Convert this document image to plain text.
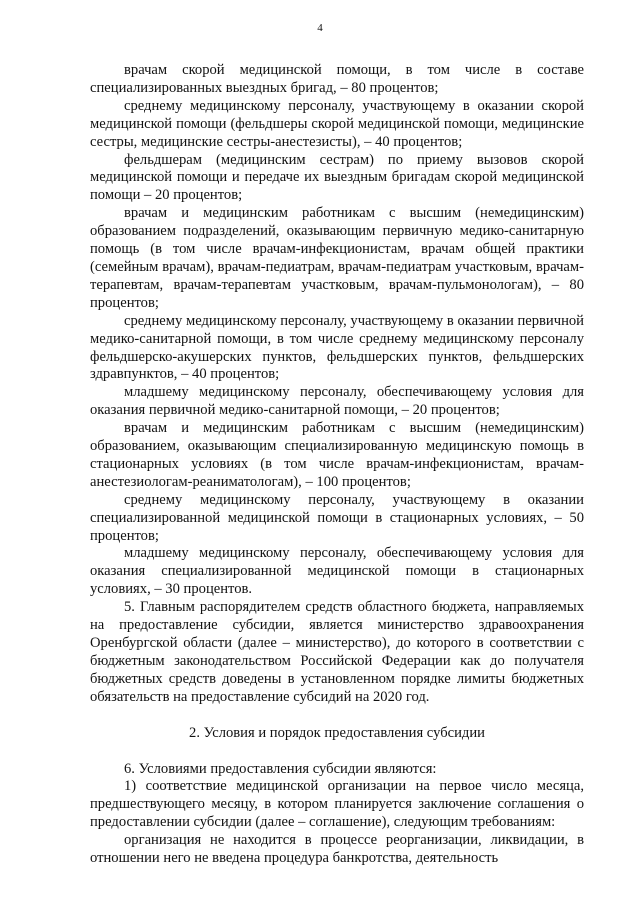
4

врачам скорой медицинской помощи, в том числе в составе специализированных выездных бригад, – 80 процентов;

среднему медицинскому персоналу, участвующему в оказании скорой медицинской помощи (фельдшеры скорой медицинской помощи, медицинские сестры, медицинские сестры-анестезисты), – 40 процентов;

фельдшерам (медицинским сестрам) по приему вызовов скорой медицинской помощи и передаче их выездным бригадам скорой медицинской помощи – 20 процентов;

врачам и медицинским работникам с высшим (немедицинским) образованием подразделений, оказывающим первичную медико-санитарную помощь (в том числе врачам-инфекционистам, врачам общей практики (семейным врачам), врачам-педиатрам, врачам-педиатрам участковым, врачам-терапевтам, врачам-терапевтам участковым, врачам-пульмонологам), – 80 процентов;

среднему медицинскому персоналу, участвующему в оказании первичной медико-санитарной помощи, в том числе среднему медицинскому персоналу фельдшерско-акушерских пунктов, фельдшерских пунктов, фельдшерских здравпунктов, – 40 процентов;

младшему медицинскому персоналу, обеспечивающему условия для оказания первичной медико-санитарной помощи, – 20 процентов;

врачам и медицинским работникам с высшим (немедицинским) образованием, оказывающим специализированную медицинскую помощь в стационарных условиях (в том числе врачам-инфекционистам, врачам-анестезиологам-реаниматологам), – 100 процентов;

среднему медицинскому персоналу, участвующему в оказании специализированной медицинской помощи в стационарных условиях, – 50 процентов;

младшему медицинскому персоналу, обеспечивающему условия для оказания специализированной медицинской помощи в стационарных условиях, – 30 процентов.

5. Главным распорядителем средств областного бюджета, направляемых на предоставление субсидии, является министерство здравоохранения Оренбургской области (далее – министерство), до которого в соответствии с бюджетным законодательством Российской Федерации как до получателя бюджетных средств доведены в установленном порядке лимиты бюджетных обязательств на предоставление субсидий на 2020 год.

2. Условия и порядок предоставления субсидии

6. Условиями предоставления субсидии являются:

1) соответствие медицинской организации на первое число месяца, предшествующего месяцу, в котором планируется заключение соглашения о предоставлении субсидии (далее – соглашение), следующим требованиям:

организация не находится в процессе реорганизации, ликвидации, в отношении него не введена процедура банкротства, деятельность
